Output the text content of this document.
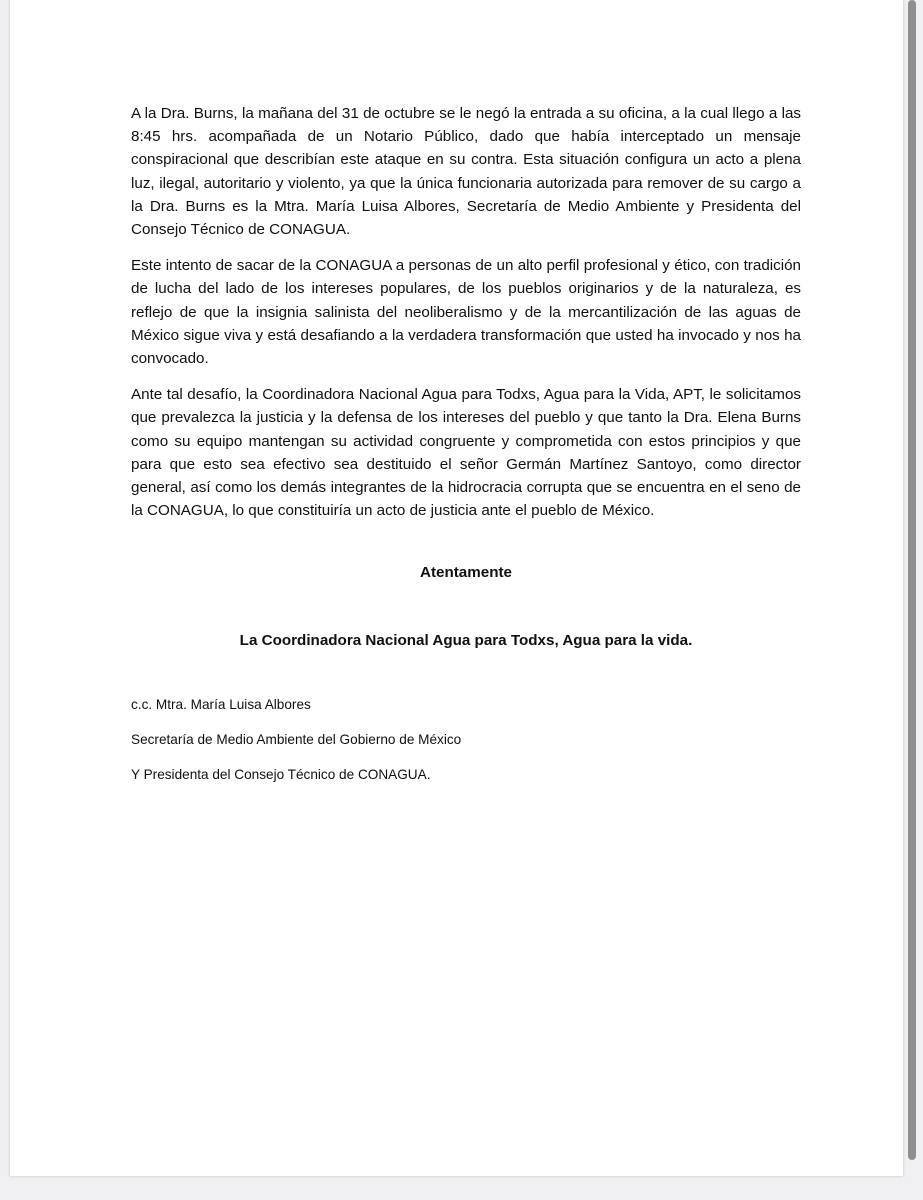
A la Dra. Burns, la mañana del 31 de octubre se le negó la entrada a su oficina, a la cual llego a las 8:45 hrs. acompañada de un Notario Público, dado que había interceptado un mensaje conspiracional que describían este ataque en su contra. Esta situación configura un acto a plena luz, ilegal, autoritario y violento, ya que la única funcionaria autorizada para remover de su cargo a la Dra. Burns es la Mtra. María Luisa Albores, Secretaría de Medio Ambiente y Presidenta del Consejo Técnico de CONAGUA.

Este intento de sacar de la CONAGUA a personas de un alto perfil profesional y ético, con tradición de lucha del lado de los intereses populares, de los pueblos originarios y de la naturaleza, es reflejo de que la insignia salinista del neoliberalismo y de la mercantilización de las aguas de México sigue viva y está desafiando a la verdadera transformación que usted ha invocado y nos ha convocado.

Ante tal desafío, la Coordinadora Nacional Agua para Todxs, Agua para la Vida, APT, le solicitamos que prevalezca la justicia y la defensa de los intereses del pueblo y que tanto la Dra. Elena Burns como su equipo mantengan su actividad congruente y comprometida con estos principios y que para que esto sea efectivo sea destituido el señor Germán Martínez Santoyo, como director general, así como los demás integrantes de la hidrocracia corrupta que se encuentra en el seno de la CONAGUA, lo que constituiría un acto de justicia ante el pueblo de México.

Atentamente

La Coordinadora Nacional Agua para Todxs, Agua para la vida.

c.c. Mtra. María Luisa Albores

Secretaría de Medio Ambiente del Gobierno de México

Y Presidenta del Consejo Técnico de CONAGUA.
